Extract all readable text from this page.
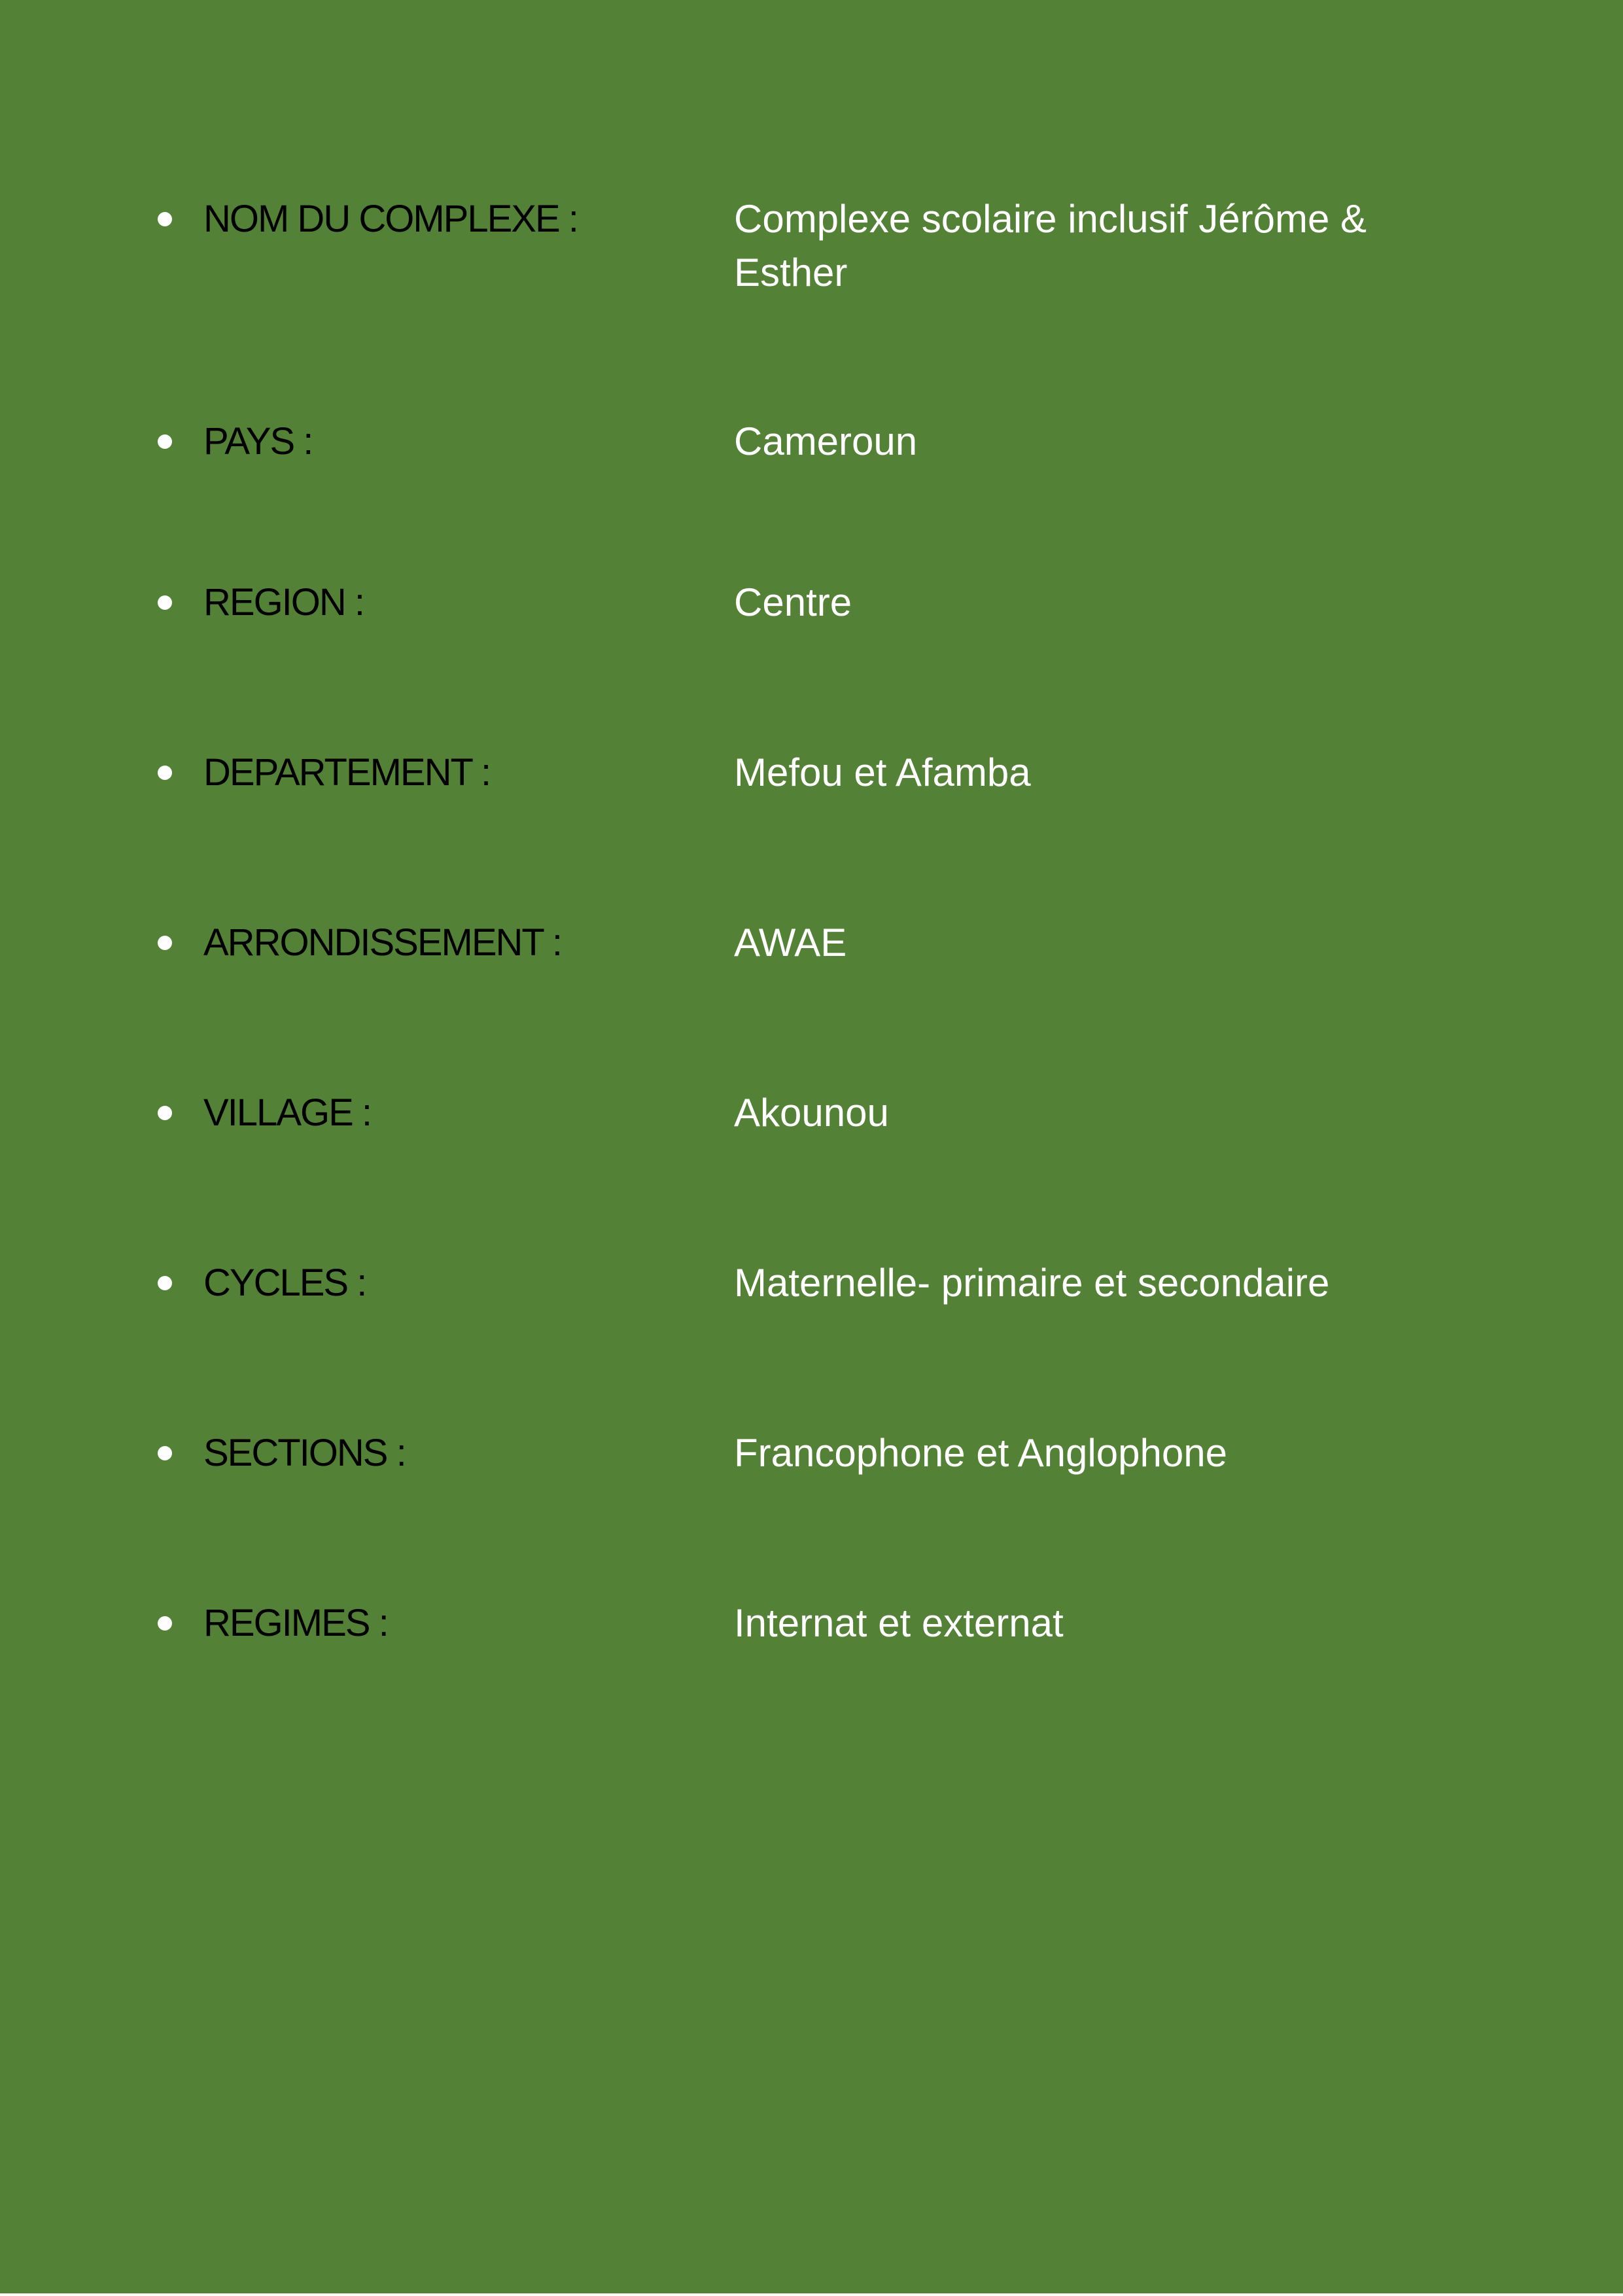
NOM DU COMPLEXE :	Complexe scolaire inclusif Jérôme & Esther
PAYS :	Cameroun
REGION :	Centre
DEPARTEMENT :	Mefou et Afamba
ARRONDISSEMENT :	AWAE
VILLAGE :	Akounou
CYCLES :	Maternelle- primaire et secondaire
SECTIONS :	Francophone et Anglophone
REGIMES :	Internat et externat
